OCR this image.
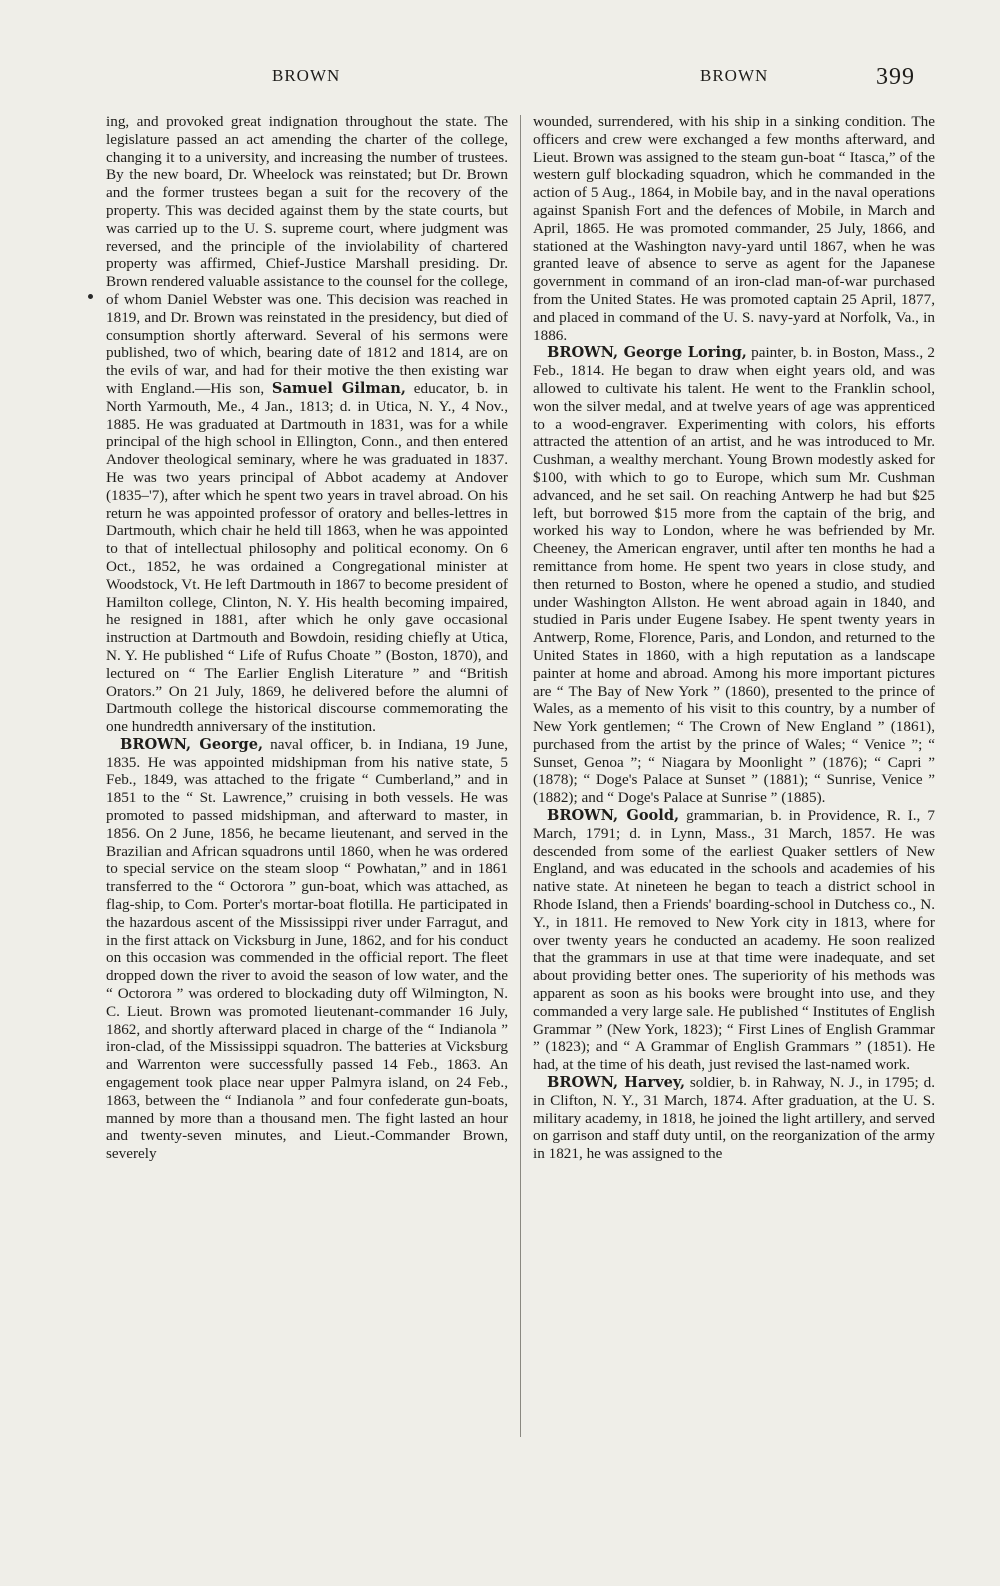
BROWN	BROWN	399

ing, and provoked great indignation throughout the state. The legislature passed an act amending the charter of the college, changing it to a university, and increasing the number of trustees. By the new board, Dr. Wheelock was reinstated; but Dr. Brown and the former trustees began a suit for the recovery of the property. This was decided against them by the state courts, but was carried up to the U. S. supreme court, where judgment was reversed, and the principle of the inviolability of chartered property was affirmed, Chief-Justice Marshall presiding. Dr. Brown rendered valuable assistance to the counsel for the college, of whom Daniel Webster was one. This decision was reached in 1819, and Dr. Brown was reinstated in the presidency, but died of consumption shortly afterward. Several of his sermons were published, two of which, bearing date of 1812 and 1814, are on the evils of war, and had for their motive the then existing war with England.—His son, Samuel Gilman, educator, b. in North Yarmouth, Me., 4 Jan., 1813; d. in Utica, N. Y., 4 Nov., 1885. He was graduated at Dartmouth in 1831, was for a while principal of the high school in Ellington, Conn., and then entered Andover theological seminary, where he was graduated in 1837. He was two years principal of Abbot academy at Andover (1835–'7), after which he spent two years in travel abroad. On his return he was appointed professor of oratory and belles-lettres in Dartmouth, which chair he held till 1863, when he was appointed to that of intellectual philosophy and political economy. On 6 Oct., 1852, he was ordained a Congregational minister at Woodstock, Vt. He left Dartmouth in 1867 to become president of Hamilton college, Clinton, N. Y. His health becoming impaired, he resigned in 1881, after which he only gave occasional instruction at Dartmouth and Bowdoin, residing chiefly at Utica, N. Y. He published “ Life of Rufus Choate ” (Boston, 1870), and lectured on “ The Earlier English Literature ” and “British Orators.” On 21 July, 1869, he delivered before the alumni of Dartmouth college the historical discourse commemorating the one hundredth anniversary of the institution.

BROWN, George, naval officer, b. in Indiana, 19 June, 1835. He was appointed midshipman from his native state, 5 Feb., 1849, was attached to the frigate “ Cumberland,” and in 1851 to the “ St. Lawrence,” cruising in both vessels. He was promoted to passed midshipman, and afterward to master, in 1856. On 2 June, 1856, he became lieutenant, and served in the Brazilian and African squadrons until 1860, when he was ordered to special service on the steam sloop “ Powhatan,” and in 1861 transferred to the “ Octorora ” gun-boat, which was attached, as flag-ship, to Com. Porter's mortar-boat flotilla. He participated in the hazardous ascent of the Mississippi river under Farragut, and in the first attack on Vicksburg in June, 1862, and for his conduct on this occasion was commended in the official report. The fleet dropped down the river to avoid the season of low water, and the “ Octorora ” was ordered to blockading duty off Wilmington, N. C. Lieut. Brown was promoted lieutenant-commander 16 July, 1862, and shortly afterward placed in charge of the “ Indianola ” iron-clad, of the Mississippi squadron. The batteries at Vicksburg and Warrenton were successfully passed 14 Feb., 1863. An engagement took place near upper Palmyra island, on 24 Feb., 1863, between the “ Indianola ” and four confederate gun-boats, manned by more than a thousand men. The fight lasted an hour and twenty-seven minutes, and Lieut.-Commander Brown, severely

wounded, surrendered, with his ship in a sinking condition. The officers and crew were exchanged a few months afterward, and Lieut. Brown was assigned to the steam gun-boat “ Itasca,” of the western gulf blockading squadron, which he commanded in the action of 5 Aug., 1864, in Mobile bay, and in the naval operations against Spanish Fort and the defences of Mobile, in March and April, 1865. He was promoted commander, 25 July, 1866, and stationed at the Washington navy-yard until 1867, when he was granted leave of absence to serve as agent for the Japanese government in command of an iron-clad man-of-war purchased from the United States. He was promoted captain 25 April, 1877, and placed in command of the U. S. navy-yard at Norfolk, Va., in 1886.

BROWN, George Loring, painter, b. in Boston, Mass., 2 Feb., 1814. He began to draw when eight years old, and was allowed to cultivate his talent. He went to the Franklin school, won the silver medal, and at twelve years of age was apprenticed to a wood-engraver. Experimenting with colors, his efforts attracted the attention of an artist, and he was introduced to Mr. Cushman, a wealthy merchant. Young Brown modestly asked for $100, with which to go to Europe, which sum Mr. Cushman advanced, and he set sail. On reaching Antwerp he had but $25 left, but borrowed $15 more from the captain of the brig, and worked his way to London, where he was befriended by Mr. Cheeney, the American engraver, until after ten months he had a remittance from home. He spent two years in close study, and then returned to Boston, where he opened a studio, and studied under Washington Allston. He went abroad again in 1840, and studied in Paris under Eugene Isabey. He spent twenty years in Antwerp, Rome, Florence, Paris, and London, and returned to the United States in 1860, with a high reputation as a landscape painter at home and abroad. Among his more important pictures are “ The Bay of New York ” (1860), presented to the prince of Wales, as a memento of his visit to this country, by a number of New York gentlemen; “ The Crown of New England ” (1861), purchased from the artist by the prince of Wales; “ Venice ”; “ Sunset, Genoa ”; “ Niagara by Moonlight ” (1876); “ Capri ” (1878); “ Doge's Palace at Sunset ” (1881); “ Sunrise, Venice ” (1882); and “ Doge's Palace at Sunrise ” (1885).

BROWN, Goold, grammarian, b. in Providence, R. I., 7 March, 1791; d. in Lynn, Mass., 31 March, 1857. He was descended from some of the earliest Quaker settlers of New England, and was educated in the schools and academies of his native state. At nineteen he began to teach a district school in Rhode Island, then a Friends' boarding-school in Dutchess co., N. Y., in 1811. He removed to New York city in 1813, where for over twenty years he conducted an academy. He soon realized that the grammars in use at that time were inadequate, and set about providing better ones. The superiority of his methods was apparent as soon as his books were brought into use, and they commanded a very large sale. He published “ Institutes of English Grammar ” (New York, 1823); “ First Lines of English Grammar ” (1823); and “ A Grammar of English Grammars ” (1851). He had, at the time of his death, just revised the last-named work.

BROWN, Harvey, soldier, b. in Rahway, N. J., in 1795; d. in Clifton, N. Y., 31 March, 1874. After graduation, at the U. S. military academy, in 1818, he joined the light artillery, and served on garrison and staff duty until, on the reorganization of the army in 1821, he was assigned to the
